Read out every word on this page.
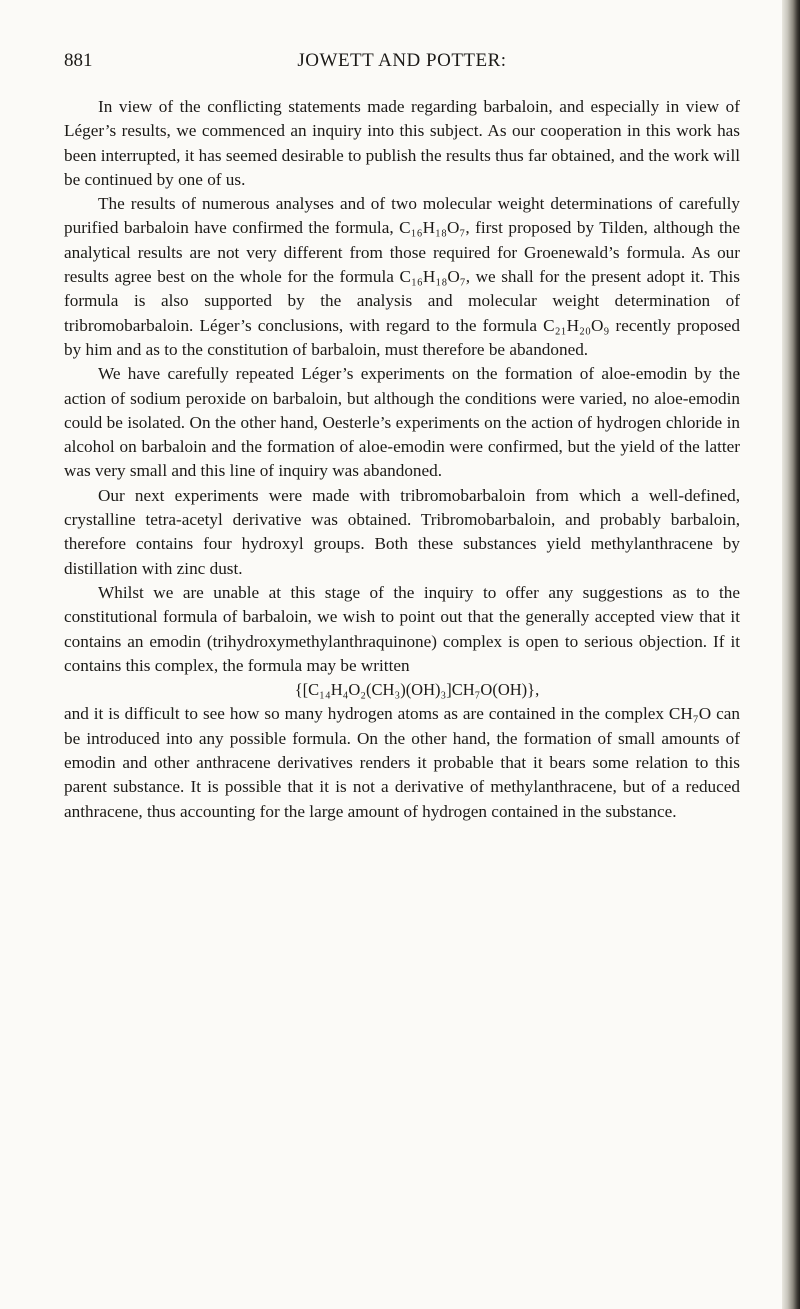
881	JOWETT AND POTTER:

In view of the conflicting statements made regarding barbaloin, and especially in view of Léger’s results, we commenced an inquiry into this subject. As our cooperation in this work has been interrupted, it has seemed desirable to publish the results thus far obtained, and the work will be continued by one of us.

The results of numerous analyses and of two molecular weight determinations of carefully purified barbaloin have confirmed the formula, C₁₆H₁₈O₇, first proposed by Tilden, although the analytical results are not very different from those required for Groenewald’s formula. As our results agree best on the whole for the formula C₁₆H₁₈O₇, we shall for the present adopt it. This formula is also supported by the analysis and molecular weight determination of tribromobarbaloin. Léger’s conclusions, with regard to the formula C₂₁H₂₀O₉ recently proposed by him and as to the constitution of barbaloin, must therefore be abandoned.

We have carefully repeated Léger’s experiments on the formation of aloe-emodin by the action of sodium peroxide on barbaloin, but although the conditions were varied, no aloe-emodin could be isolated. On the other hand, Oesterle’s experiments on the action of hydrogen chloride in alcohol on barbaloin and the formation of aloe-emodin were confirmed, but the yield of the latter was very small and this line of inquiry was abandoned.

Our next experiments were made with tribromobarbaloin from which a well-defined, crystalline tetra-acetyl derivative was obtained. Tribromobarbaloin, and probably barbaloin, therefore contains four hydroxyl groups. Both these substances yield methylanthracene by distillation with zinc dust.

Whilst we are unable at this stage of the inquiry to offer any suggestions as to the constitutional formula of barbaloin, we wish to point out that the generally accepted view that it contains an emodin (trihydroxymethylanthraquinone) complex is open to serious objection. If it contains this complex, the formula may be written

{[C₁₄H₄O₂(CH₃)(OH)₃]CH₇O(OH)},

and it is difficult to see how so many hydrogen atoms as are contained in the complex CH₇O can be introduced into any possible formula. On the other hand, the formation of small amounts of emodin and other anthracene derivatives renders it probable that it bears some relation to this parent substance. It is possible that it is not a derivative of methylanthracene, but of a reduced anthracene, thus accounting for the large amount of hydrogen contained in the substance.
